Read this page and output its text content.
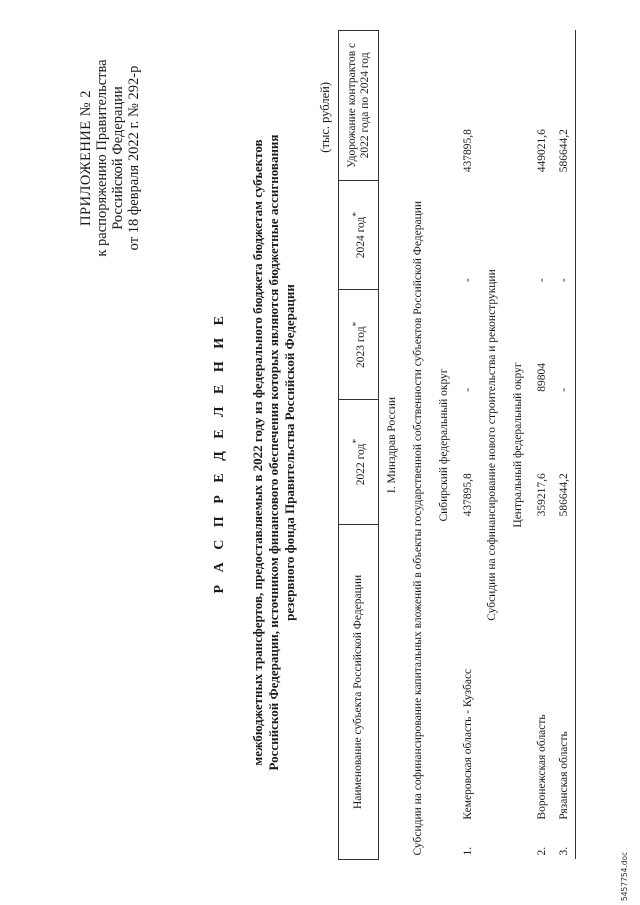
ПРИЛОЖЕНИЕ № 2 к распоряжению Правительства Российской Федерации от 18 февраля 2022 г. № 292-р
Р А С П Р Е Д Е Л Е Н И Е межбюджетных трансфертов, предоставляемых в 2022 году из федерального бюджета бюджетам субъектов Российской Федерации, источником финансового обеспечения которых являются бюджетные ассигнования резервного фонда Правительства Российской Федерации
(тыс. рублей)
Наименование субъекта Российской Федерации		2022 год*	2023 год*	2024 год*	Удорожание контрактов с 2022 года по 2024 год
I. Минздрав России					
Субсидии на софинансирование капитальных вложений в объекты государственной собственности субъектов Российской Федерации					
Сибирский федеральный округ					
1.	Кемеровская область - Кузбасс	437895,8	-	-	437895,8
Субсидии на софинансирование нового строительства и реконструкции					
Центральный федеральный округ					
2.	Воронежская область	359217,6	89804	-	449021,6
3.	Рязанская область	586644,2	-	-	586644,2
5457754.doc
